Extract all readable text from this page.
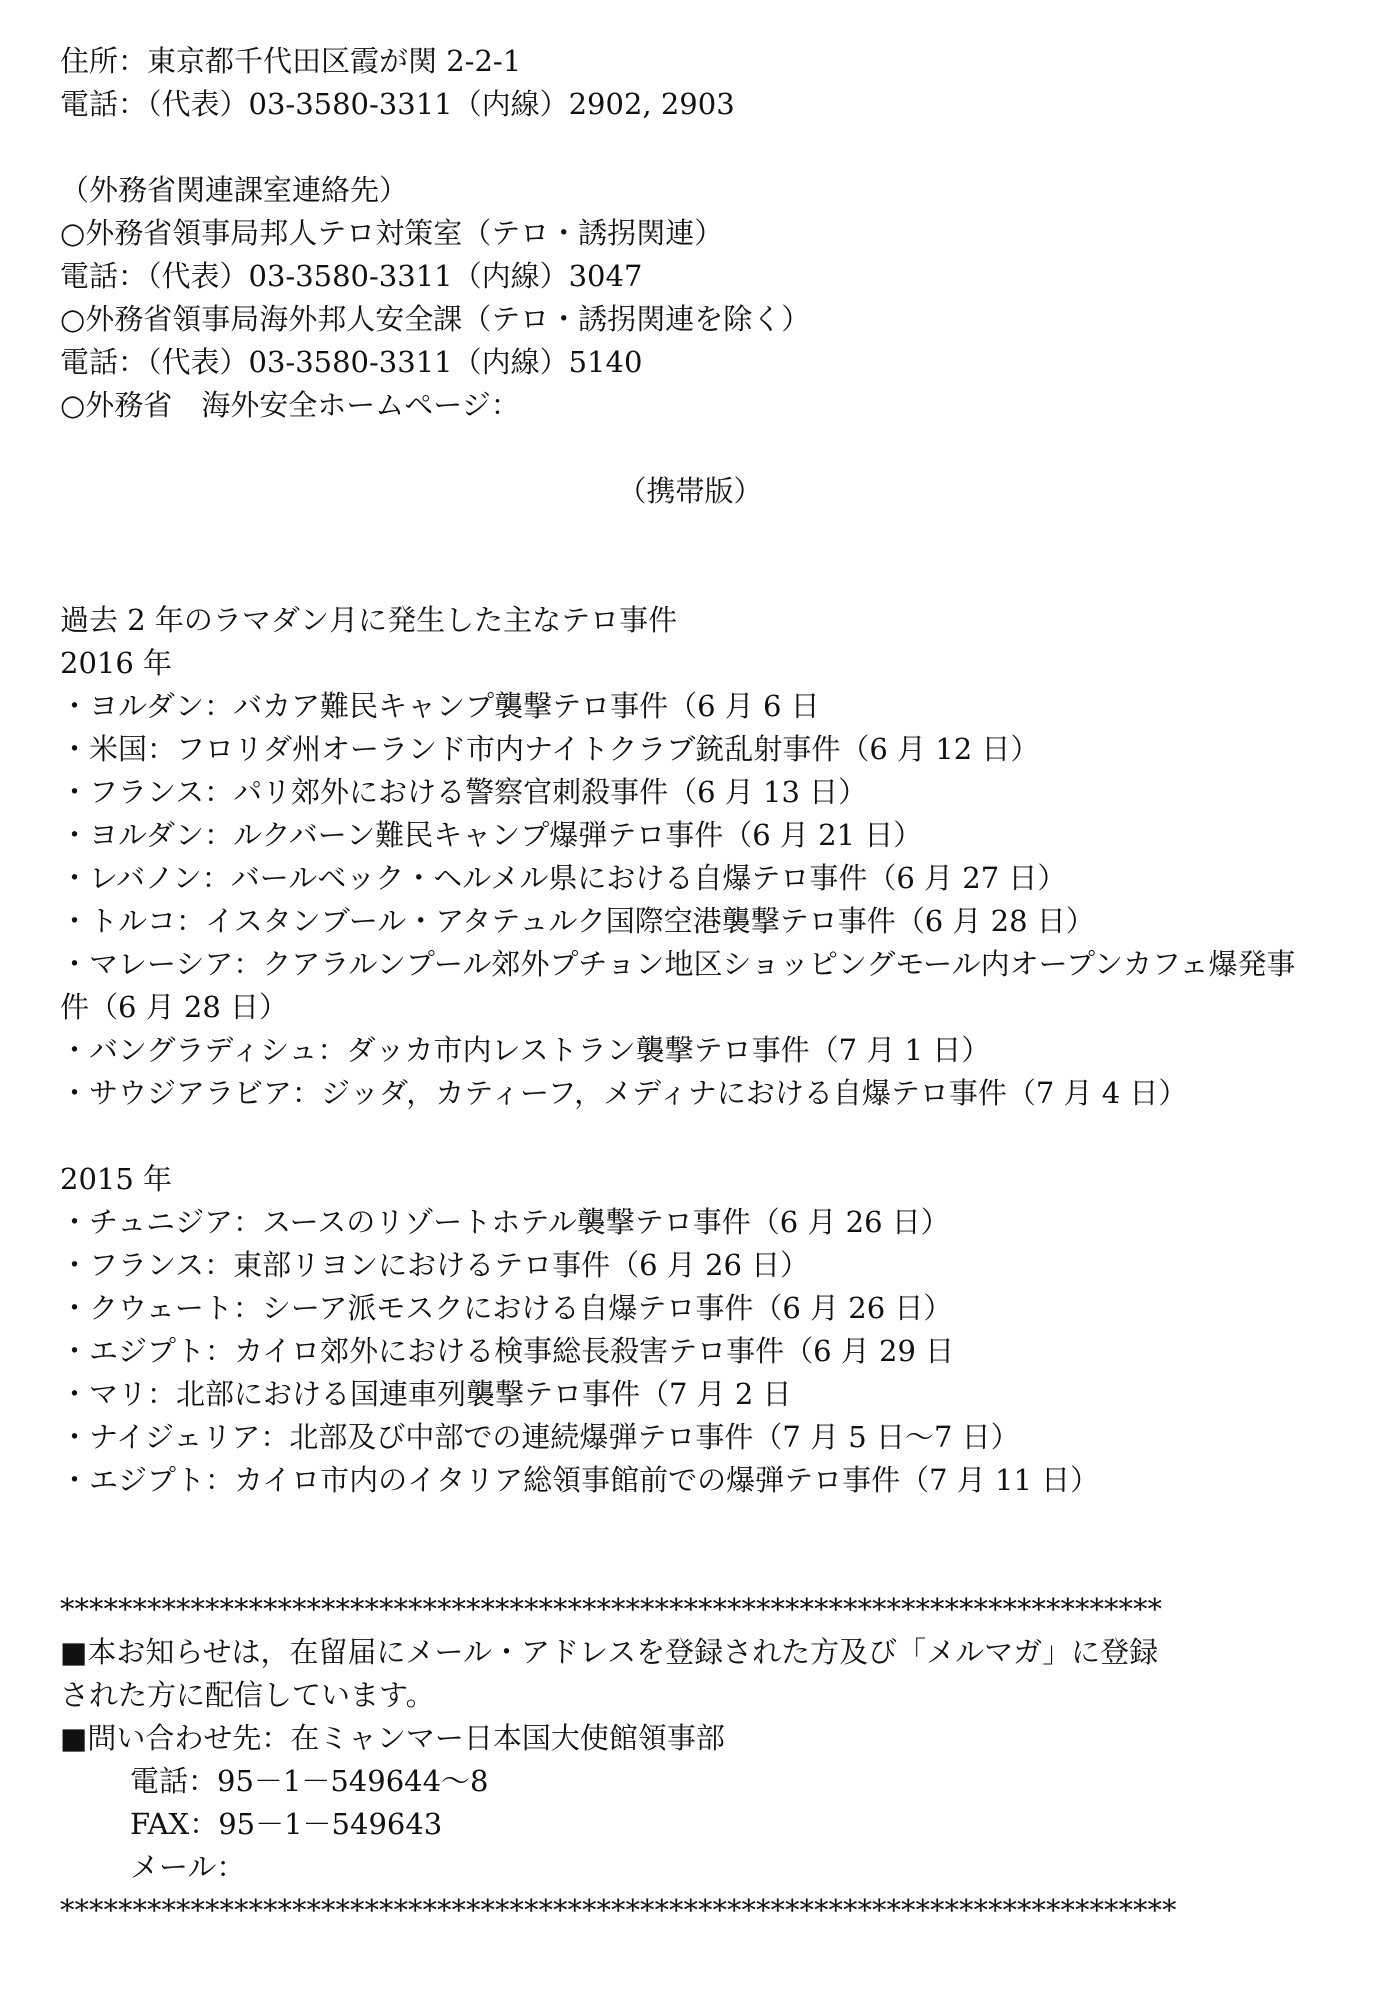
住所：東京都千代田区霞が関 2-2-1
電話：（代表）03-3580-3311（内線）2902, 2903
（外務省関連課室連絡先）
○外務省領事局邦人テロ対策室（テロ・誘拐関連）
電話：（代表）03-3580-3311（内線）3047
○外務省領事局海外邦人安全課（テロ・誘拐関連を除く）
電話：（代表）03-3580-3311（内線）5140
○外務省　海外安全ホームページ：
（携帯版）
過去 2 年のラマダン月に発生した主なテロ事件
2016 年
・ヨルダン：バカア難民キャンプ襲撃テロ事件（6 月 6 日
・米国：フロリダ州オーランド市内ナイトクラブ銃乱射事件（6 月 12 日）
・フランス：パリ郊外における警察官刺殺事件（6 月 13 日）
・ヨルダン：ルクバーン難民キャンプ爆弾テロ事件（6 月 21 日）
・レバノン：バールベック・ヘルメル県における自爆テロ事件（6 月 27 日）
・トルコ：イスタンブール・アタテュルク国際空港襲撃テロ事件（6 月 28 日）
・マレーシア：クアラルンプール郊外プチョン地区ショッピングモール内オープンカフェ爆発事
件（6 月 28 日）
・バングラディシュ：ダッカ市内レストラン襲撃テロ事件（7 月 1 日）
・サウジアラビア：ジッダ，カティーフ，メディナにおける自爆テロ事件（7 月 4 日）
2015 年
・チュニジア：スースのリゾートホテル襲撃テロ事件（6 月 26 日）
・フランス：東部リヨンにおけるテロ事件（6 月 26 日）
・クウェート：シーア派モスクにおける自爆テロ事件（6 月 26 日）
・エジプト：カイロ郊外における検事総長殺害テロ事件（6 月 29 日
・マリ：北部における国連車列襲撃テロ事件（7 月 2 日
・ナイジェリア：北部及び中部での連続爆弾テロ事件（7 月 5 日～7 日）
・エジプト：カイロ市内のイタリア総領事館前での爆弾テロ事件（7 月 11 日）
****************************************************************************
■本お知らせは，在留届にメール・アドレスを登録された方及び「メルマガ」に登録
された方に配信しています。
■問い合わせ先：在ミャンマー日本国大使館領事部
電話：95－1－549644～8
FAX：95－1－549643
メール：
*****************************************************************************
